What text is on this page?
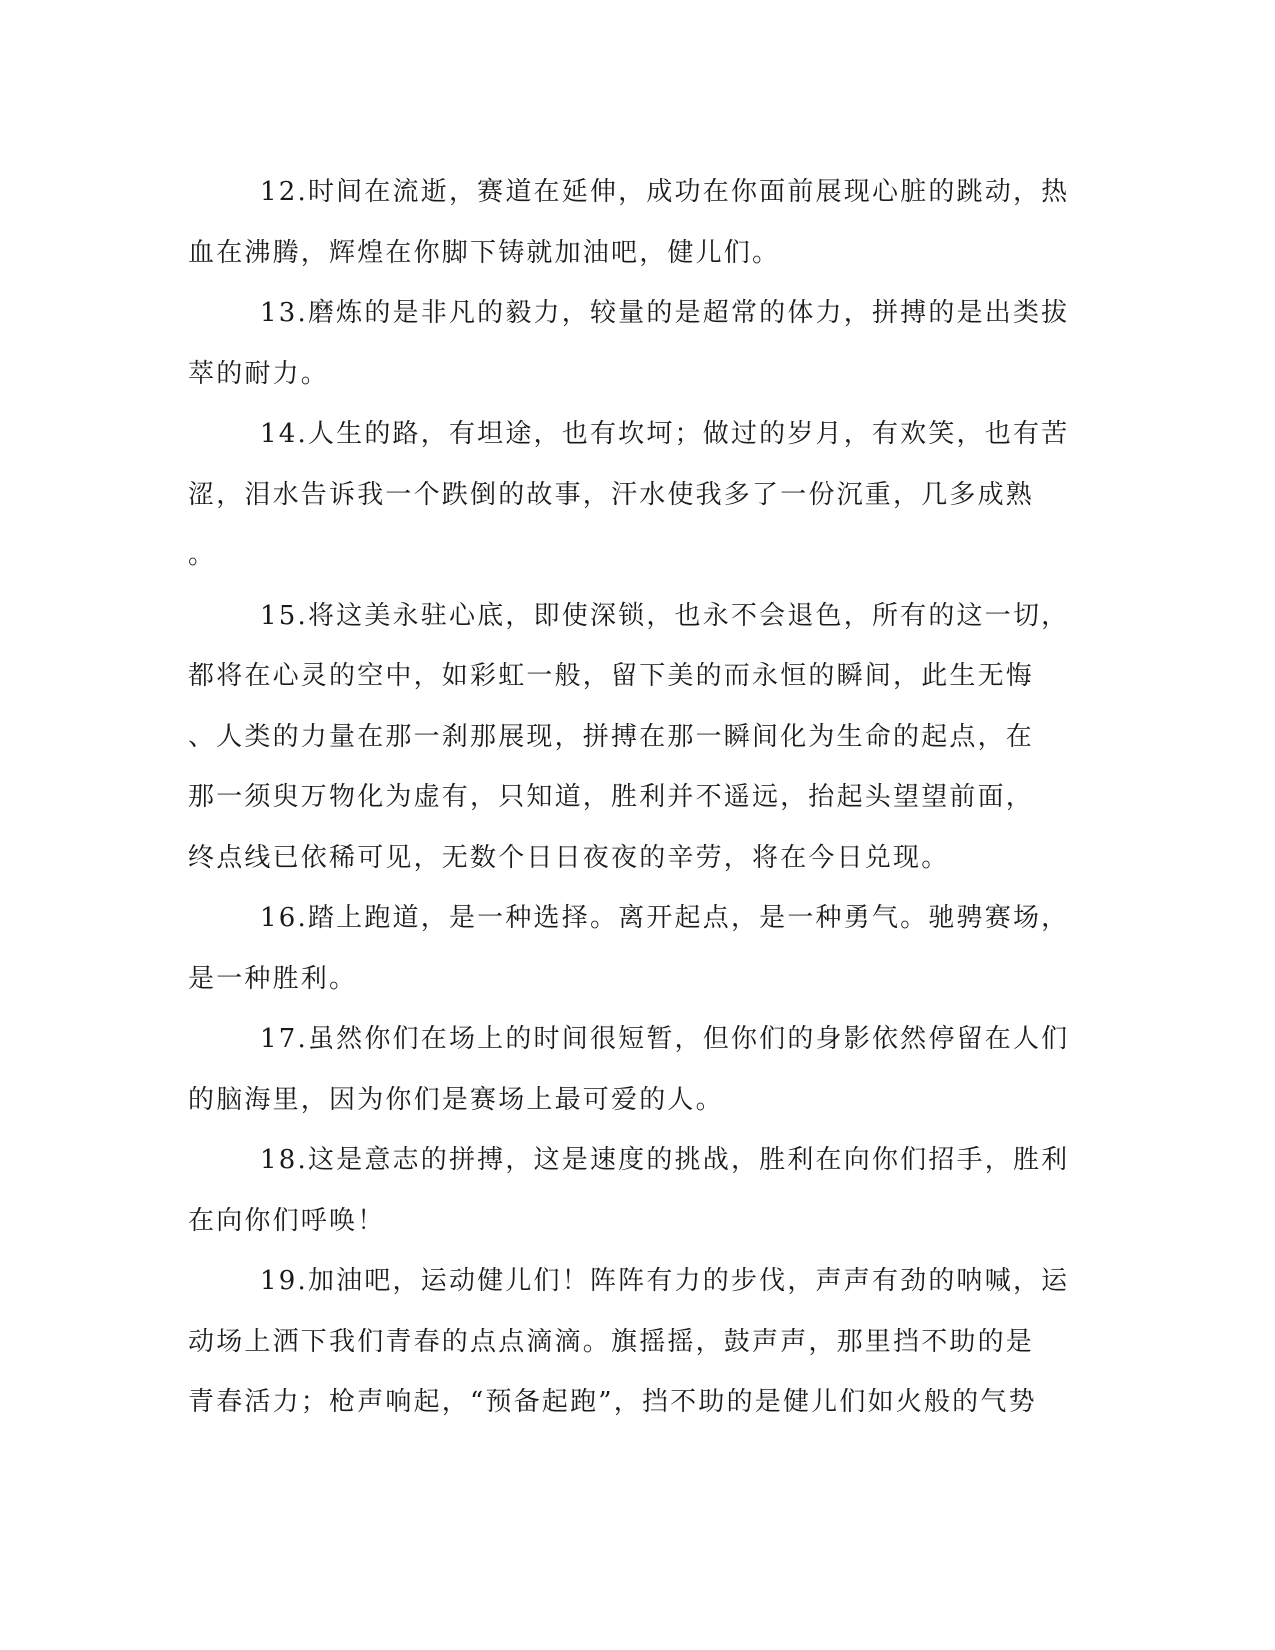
12.时间在流逝，赛道在延伸，成功在你面前展现心脏的跳动，热
血在沸腾，辉煌在你脚下铸就加油吧，健儿们。
13.磨炼的是非凡的毅力，较量的是超常的体力，拼搏的是出类拔
萃的耐力。
14.人生的路，有坦途，也有坎坷；做过的岁月，有欢笑，也有苦
涩，泪水告诉我一个跌倒的故事，汗水使我多了一份沉重，几多成熟
。
15.将这美永驻心底，即使深锁，也永不会退色，所有的这一切，
都将在心灵的空中，如彩虹一般，留下美的而永恒的瞬间，此生无悔
、人类的力量在那一刹那展现，拼搏在那一瞬间化为生命的起点，在
那一须臾万物化为虚有，只知道，胜利并不遥远，抬起头望望前面，
终点线已依稀可见，无数个日日夜夜的辛劳，将在今日兑现。
16.踏上跑道，是一种选择。离开起点，是一种勇气。驰骋赛场，
是一种胜利。
17.虽然你们在场上的时间很短暂，但你们的身影依然停留在人们
的脑海里，因为你们是赛场上最可爱的人。
18.这是意志的拼搏，这是速度的挑战，胜利在向你们招手，胜利
在向你们呼唤！
19.加油吧，运动健儿们！阵阵有力的步伐，声声有劲的呐喊，运
动场上洒下我们青春的点点滴滴。旗摇摇，鼓声声，那里挡不助的是
青春活力；枪声响起，“预备起跑”，挡不助的是健儿们如火般的气势
